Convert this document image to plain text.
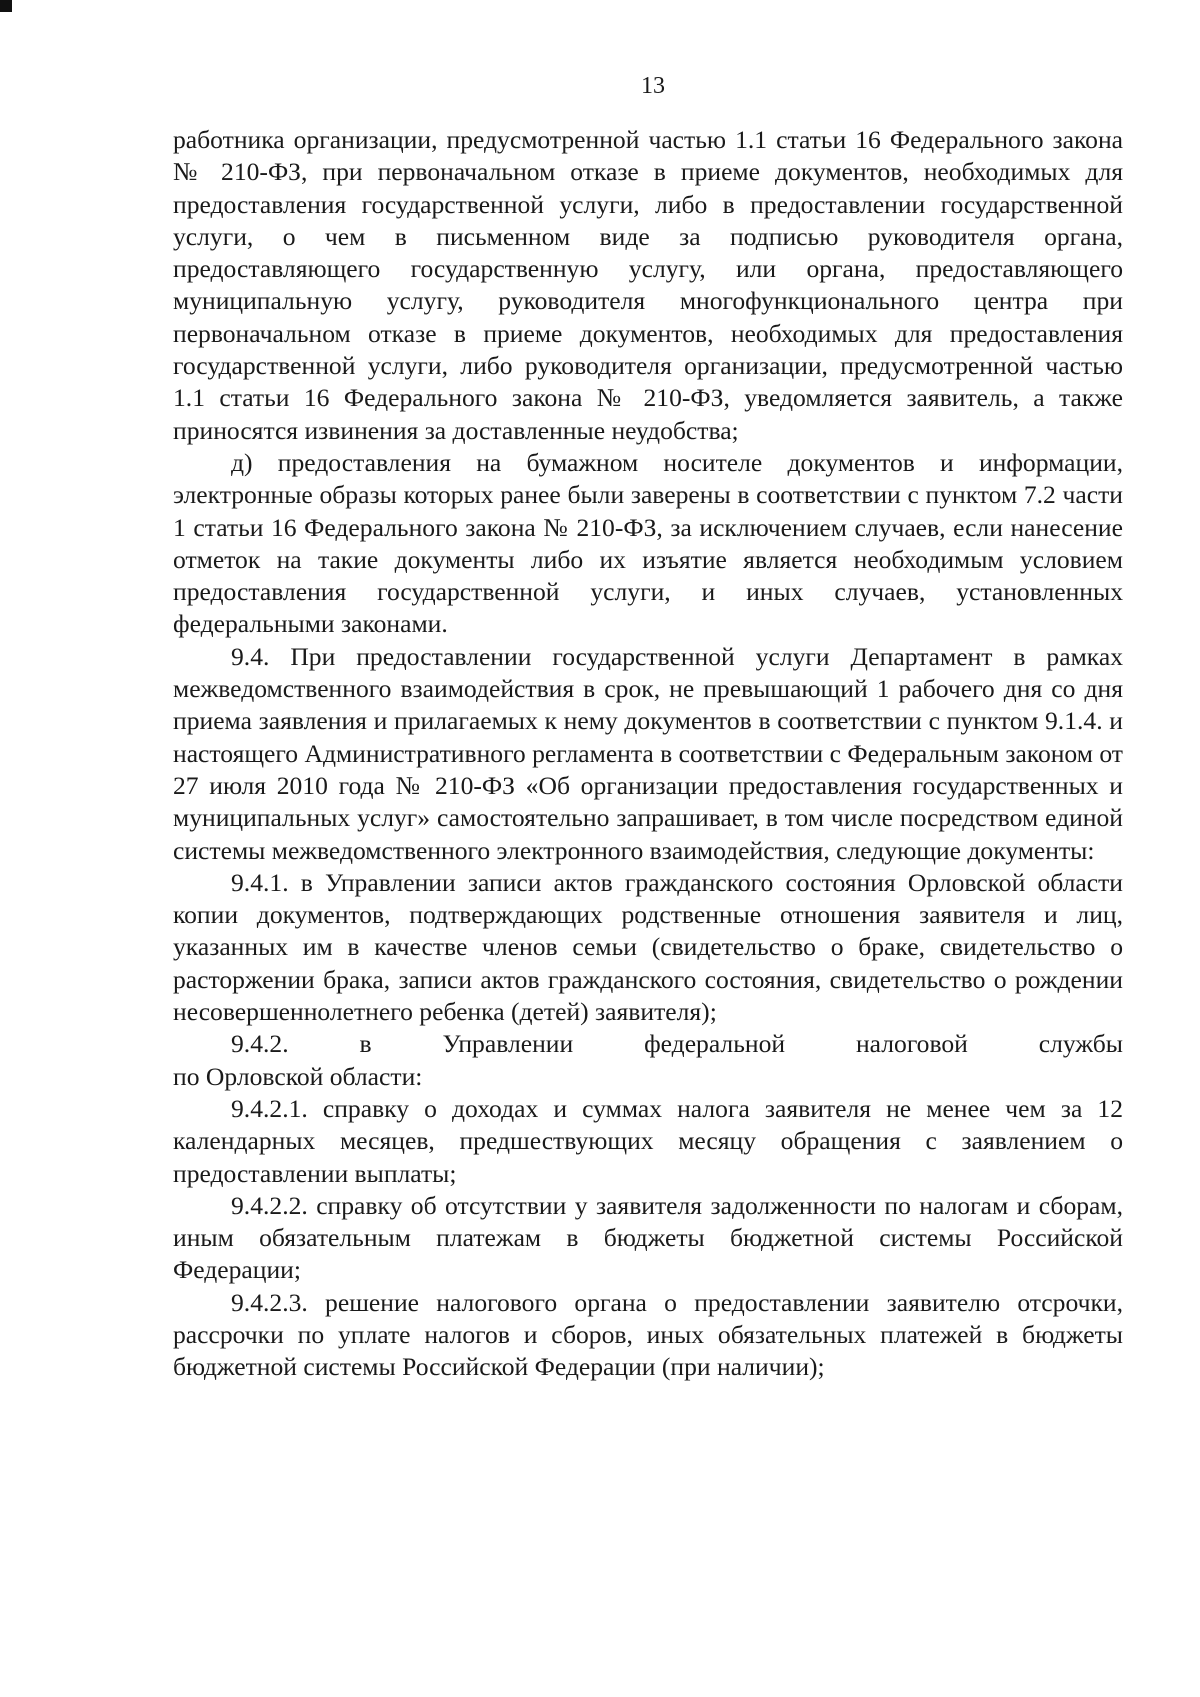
13

работника организации, предусмотренной частью 1.1 статьи 16 Федерального закона № 210-ФЗ, при первоначальном отказе в приеме документов, необходимых для предоставления государственной услуги, либо в предоставлении государственной услуги, о чем в письменном виде за подписью руководителя органа, предоставляющего государственную услугу, или органа, предоставляющего муниципальную услугу, руководителя многофункционального центра при первоначальном отказе в приеме документов, необходимых для предоставления государственной услуги, либо руководителя организации, предусмотренной частью 1.1 статьи 16 Федерального закона № 210-ФЗ, уведомляется заявитель, а также приносятся извинения за доставленные неудобства;

д) предоставления на бумажном носителе документов и информации, электронные образы которых ранее были заверены в соответствии с пунктом 7.2 части 1 статьи 16 Федерального закона № 210-ФЗ, за исключением случаев, если нанесение отметок на такие документы либо их изъятие является необходимым условием предоставления государственной услуги, и иных случаев, установленных федеральными законами.

9.4. При предоставлении государственной услуги Департамент в рамках межведомственного взаимодействия в срок, не превышающий 1 рабочего дня со дня приема заявления и прилагаемых к нему документов в соответствии с пунктом 9.1.4. и настоящего Административного регламента в соответствии с Федеральным законом от 27 июля 2010 года № 210-ФЗ «Об организации предоставления государственных и муниципальных услуг» самостоятельно запрашивает, в том числе посредством единой системы межведомственного электронного взаимодействия, следующие документы:

9.4.1. в Управлении записи актов гражданского состояния Орловской области копии документов, подтверждающих родственные отношения заявителя и лиц, указанных им в качестве членов семьи (свидетельство о браке, свидетельство о расторжении брака, записи актов гражданского состояния, свидетельство о рождении несовершеннолетнего ребенка (детей) заявителя);

9.4.2.	в	Управлении	федеральной	налоговой	службы

по Орловской области:

9.4.2.1. справку о доходах и суммах налога заявителя не менее чем за 12 календарных месяцев, предшествующих месяцу обращения с заявлением о предоставлении выплаты;

9.4.2.2. справку об отсутствии у заявителя задолженности по налогам и сборам, иным обязательным платежам в бюджеты бюджетной системы Российской Федерации;

9.4.2.3. решение налогового органа о предоставлении заявителю отсрочки, рассрочки по уплате налогов и сборов, иных обязательных платежей в бюджеты бюджетной системы Российской Федерации (при наличии);
